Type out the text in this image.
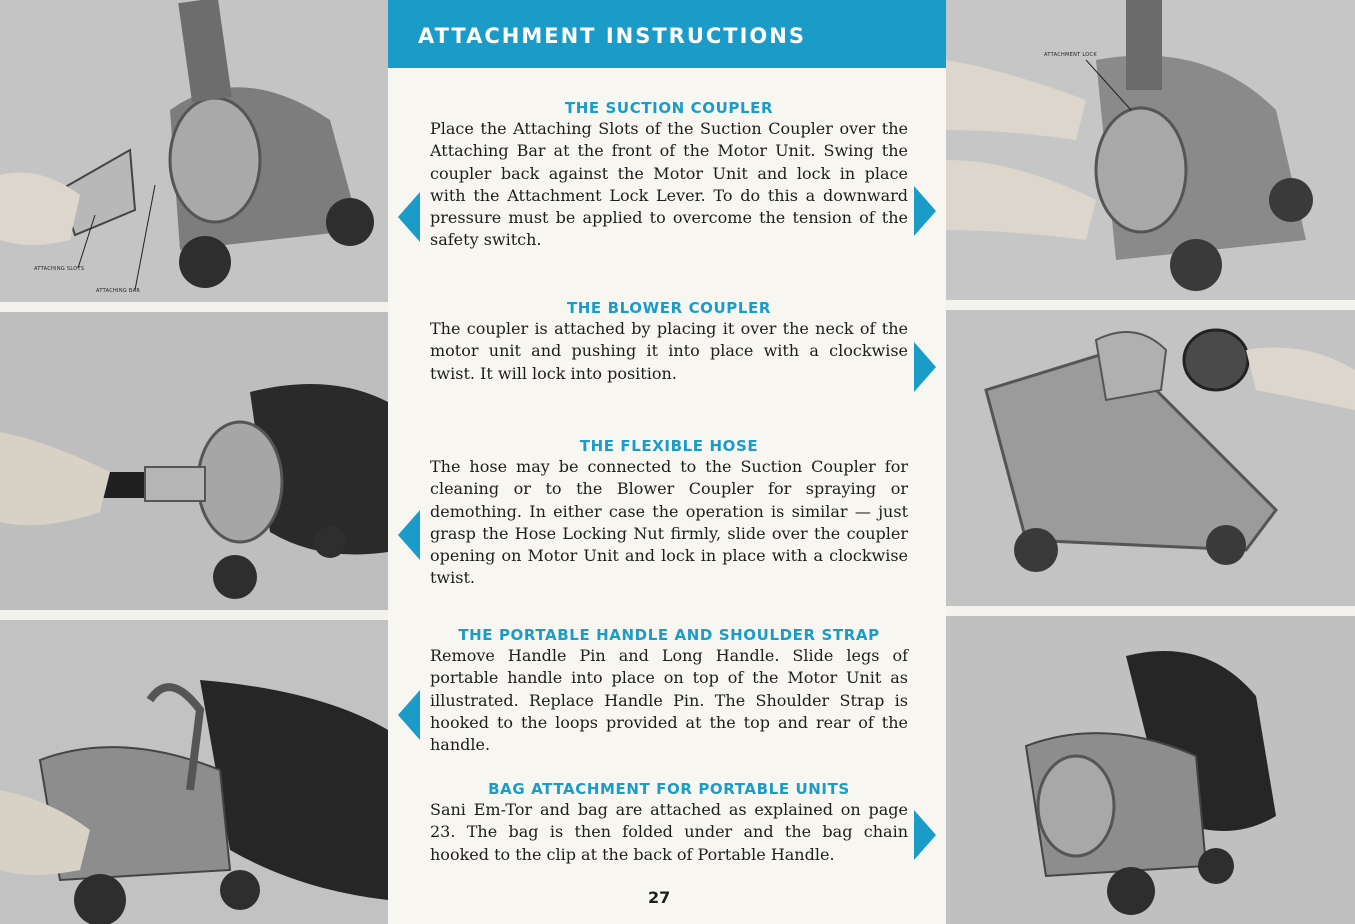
ATTACHING SLOTS
ATTACHING BAR
ATTACHMENT INSTRUCTIONS
THE SUCTION COUPLER
Place the Attaching Slots of the Suction Coupler over the Attaching Bar at the front of the Motor Unit. Swing the coupler back against the Motor Unit and lock in place with the Attachment Lock Lever. To do this a downward pressure must be applied to overcome the tension of the safety switch.
THE BLOWER COUPLER
The coupler is attached by placing it over the neck of the motor unit and pushing it into place with a clockwise twist. It will lock into position.
THE FLEXIBLE HOSE
The hose may be connected to the Suction Coupler for cleaning or to the Blower Coupler for spraying or demothing. In either case the operation is similar — just grasp the Hose Locking Nut firmly, slide over the coupler opening on Motor Unit and lock in place with a clockwise twist.
THE PORTABLE HANDLE AND SHOULDER STRAP
Remove Handle Pin and Long Handle. Slide legs of portable handle into place on top of the Motor Unit as illustrated. Replace Handle Pin. The Shoulder Strap is hooked to the loops provided at the top and rear of the handle.
BAG ATTACHMENT FOR PORTABLE UNITS
Sani Em-Tor and bag are attached as explained on page 23. The bag is then folded under and the bag chain hooked to the clip at the back of Portable Handle.
27
ATTACHMENT LOCK
